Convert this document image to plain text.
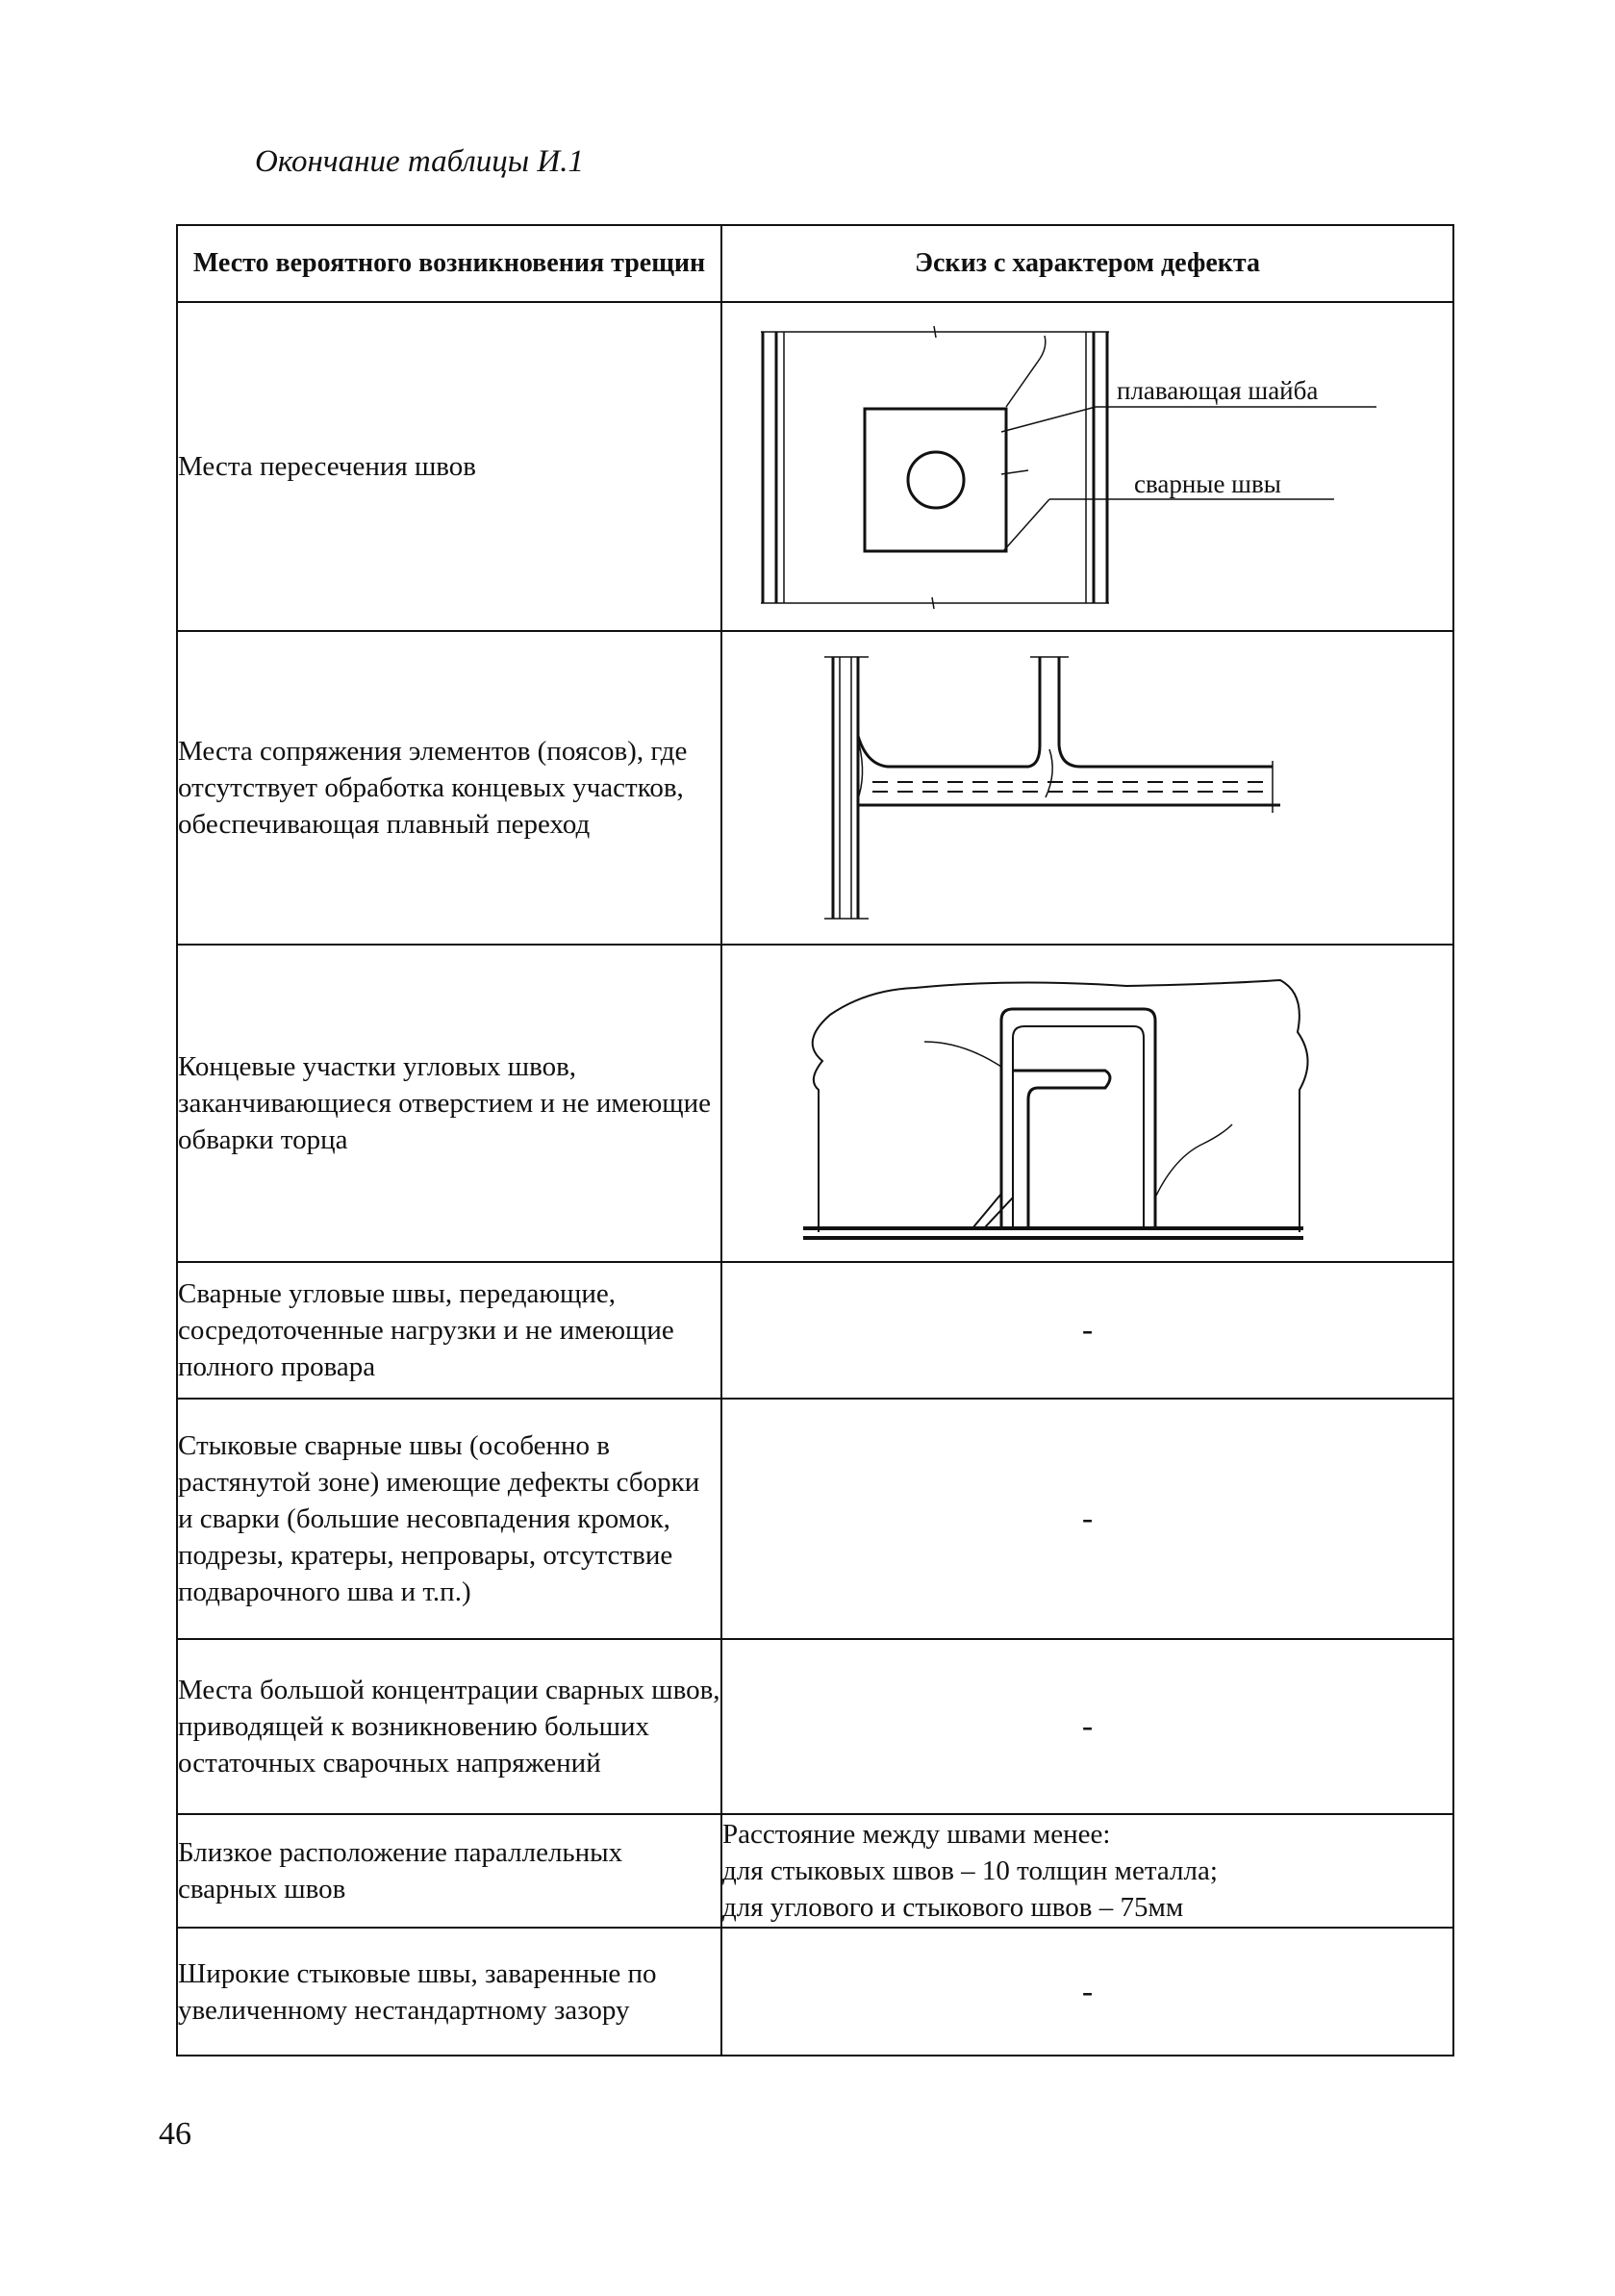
Окончание таблицы И.1
Место вероятного возникновения трещин	Эскиз с характером дефекта
Места пересечения швов	плавающая шайба
сварные швы

Места сопряжения элементов (поясов), где отсутствует обработка концевых участков, обеспечивающая плавный переход	

Концевые участки угловых швов, заканчивающиеся отверстием и не имеющие обварки торца	

Сварные угловые швы, передающие, сосредоточенные нагрузки и не имеющие полного провара	-
Стыковые сварные швы (особенно в растянутой зоне) имеющие дефекты сборки и сварки (большие несовпадения кромок, подрезы, кратеры, непровары, отсутствие подварочного шва и т.п.)	-
Места большой концентрации сварных швов, приводящей к возникновению больших остаточных сварочных напряжений	-
Близкое расположение параллельных сварных швов	Расстояние между швами менее:
для стыковых швов – 10 толщин металла;
для углового и стыкового швов – 75мм

Широкие стыковые швы, заваренные по увеличенному нестандартному зазору	-
46
